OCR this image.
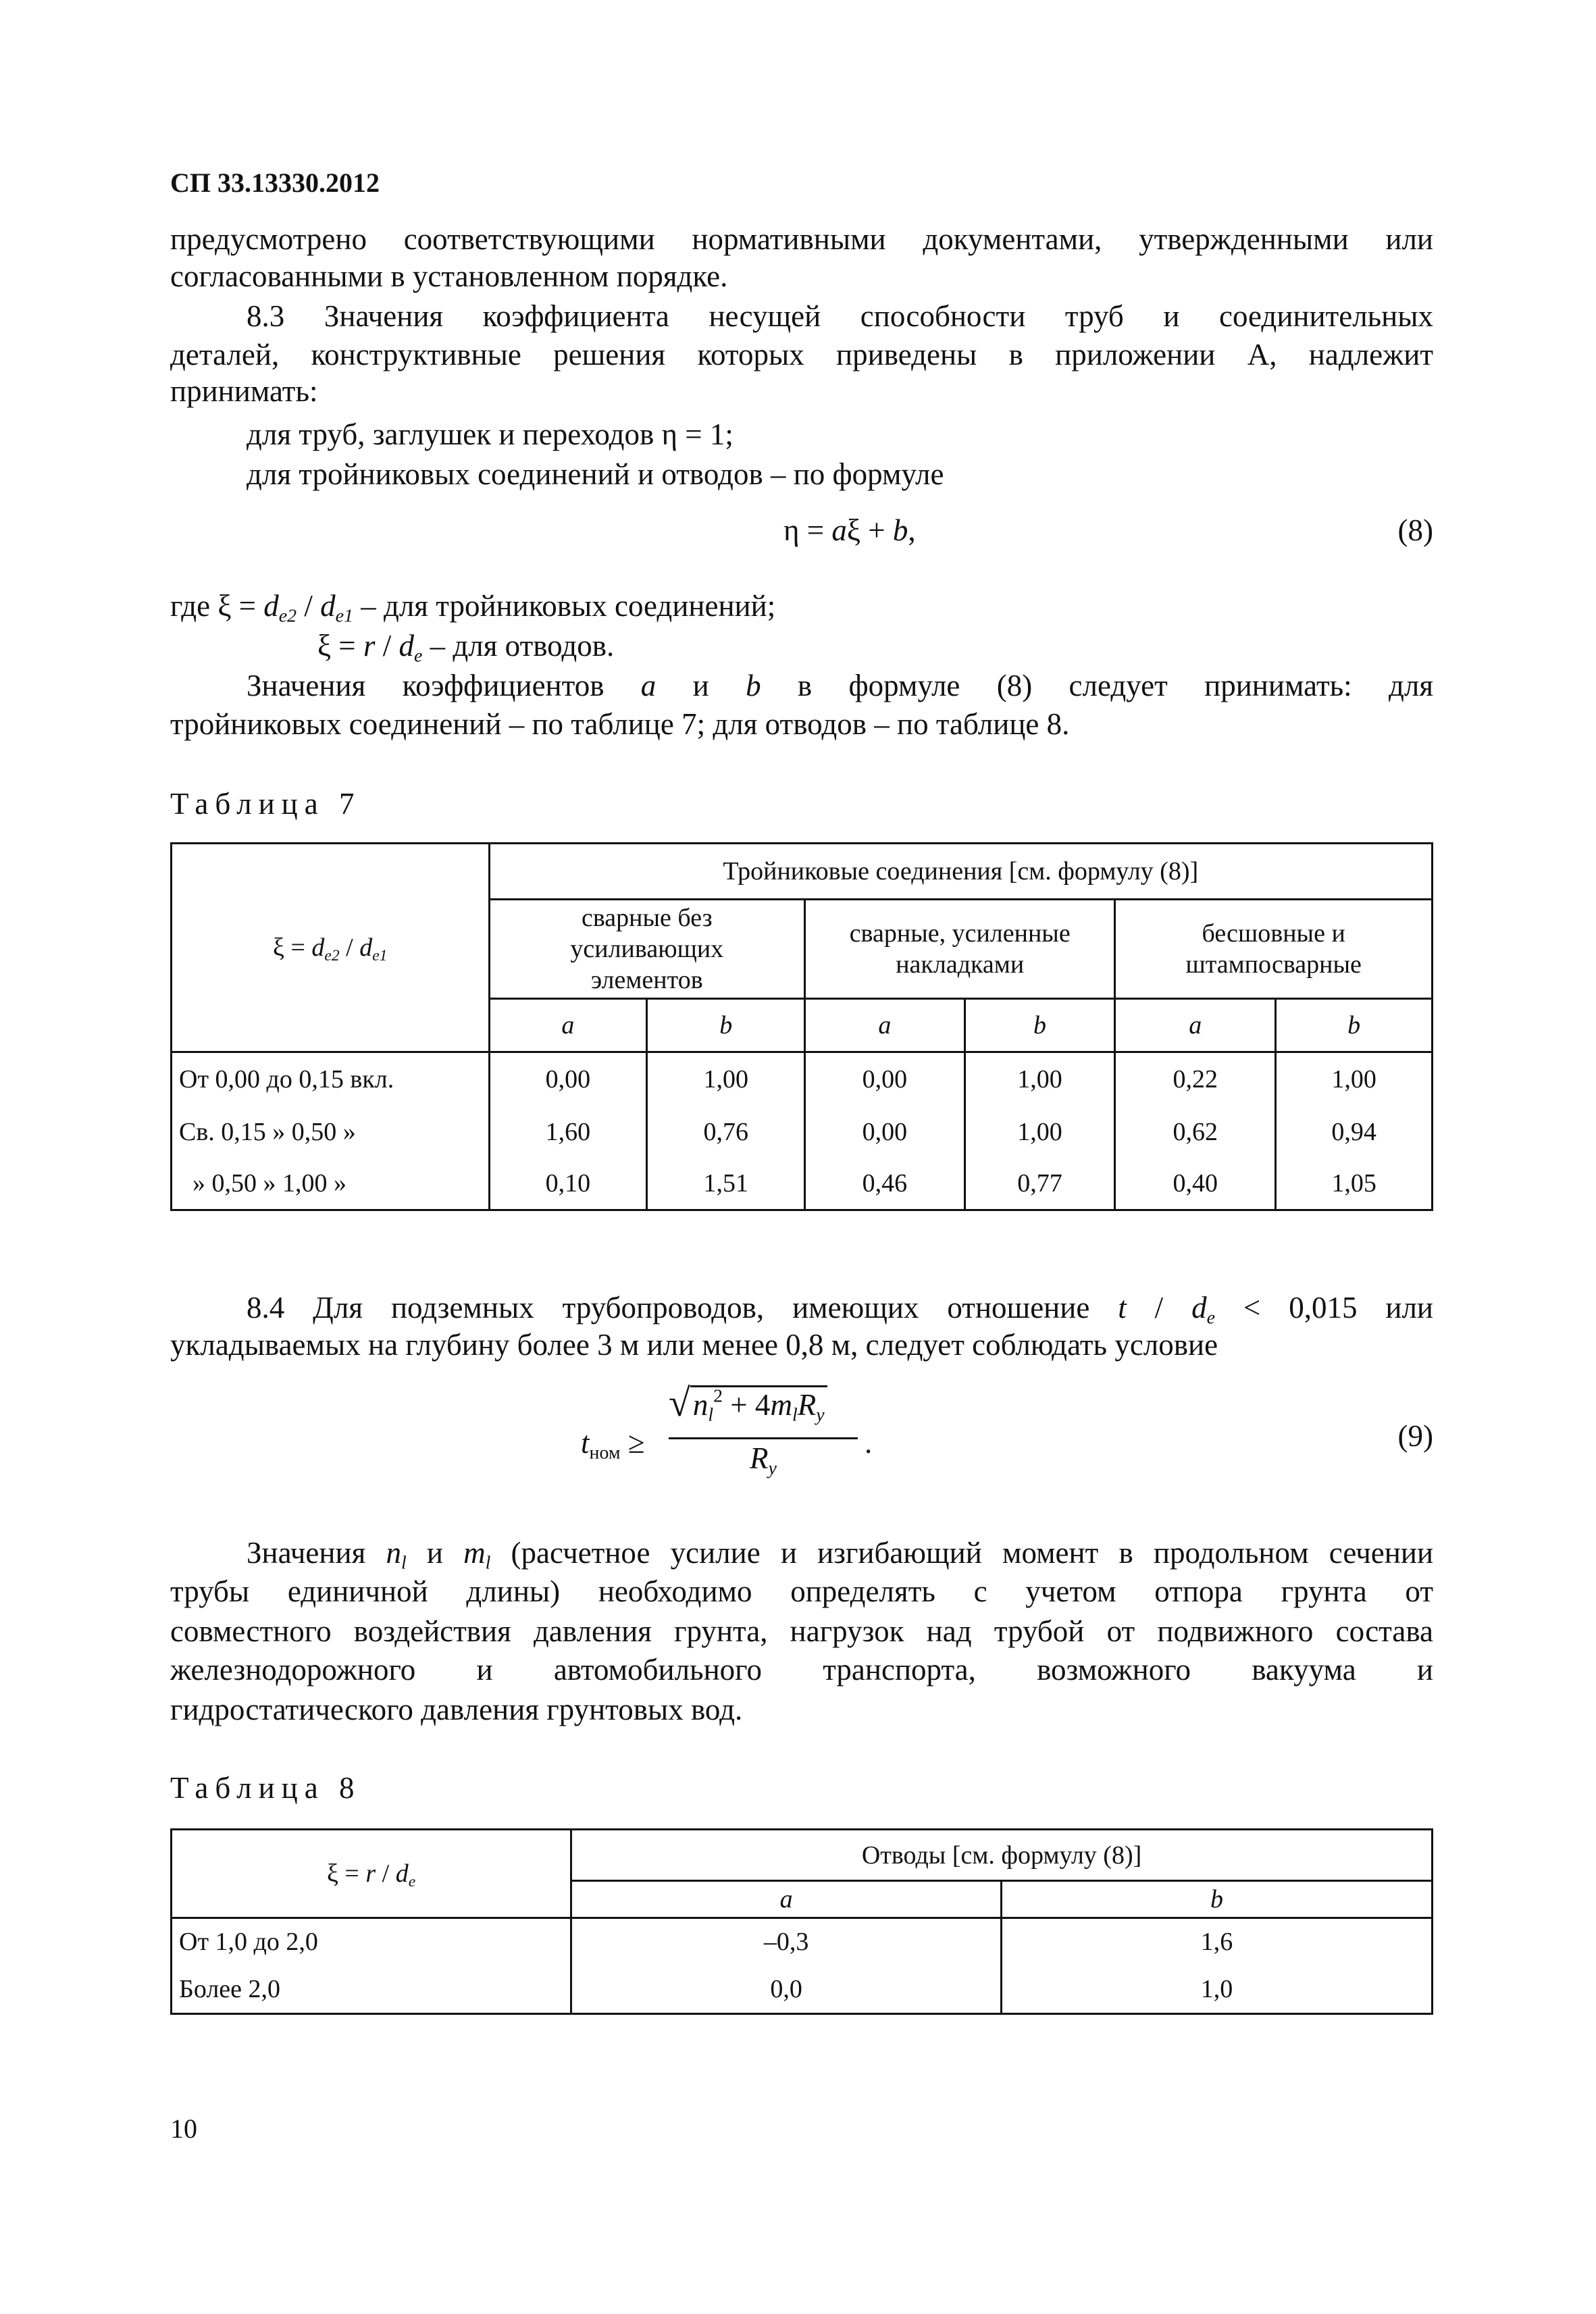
СП 33.13330.2012
предусмотрено соответствующими нормативными документами, утвержденными или
согласованными в установленном порядке.
8.3 Значения коэффициента несущей способности труб и соединительных
деталей, конструктивные решения которых приведены в приложении А, надлежит
принимать:
для труб, заглушек и переходов η = 1;
для тройниковых соединений и отводов – по формуле
η = aξ + b,	(8)
где $\xi = d_{e2} / d_{e1}$ – для тройниковых соединений;
$\xi = r / d_e$ – для отводов.
Значения коэффициентов a и b в формуле (8) следует принимать: для
тройниковых соединений – по таблице 7; для отводов – по таблице 8.
Таблица 7
$\xi = d_{e2} / d_{e1}$	Тройниковые соединения [см. формулу (8)]					
	сварные без усиливающих элементов		сварные, усиленные накладками		бесшовные и штампосварные	
	a	b	a	b	a	b
От 0,00 до 0,15 вкл.	0,00	1,00	0,00	1,00	0,22	1,00
Св. 0,15 » 0,50 »	1,60	0,76	0,00	1,00	0,62	0,94
» 0,50 » 1,00 »	0,10	1,51	0,46	0,77	0,40	1,05
8.4 Для подземных трубопроводов, имеющих отношение $t / d_e < 0,015$ или
укладываемых на глубину более 3 м или менее 0,8 м, следует соблюдать условие
$t_{ном}$ ≥
√ $n_l^2 + 4m_lR_y$
$R_y$
.	(9)
Значения $n_l$ и $m_l$ (расчетное усилие и изгибающий момент в продольном сечении
трубы единичной длины) необходимо определять с учетом отпора грунта от
совместного воздействия давления грунта, нагрузок над трубой от подвижного состава
железнодорожного и автомобильного транспорта, возможного вакуума и
гидростатического давления грунтовых вод.
Таблица 8
$\xi = r / d_e$	Отводы [см. формулу (8)]	
	a	b
От 1,0 до 2,0	–0,3	1,6
Более 2,0	0,0	1,0
10
